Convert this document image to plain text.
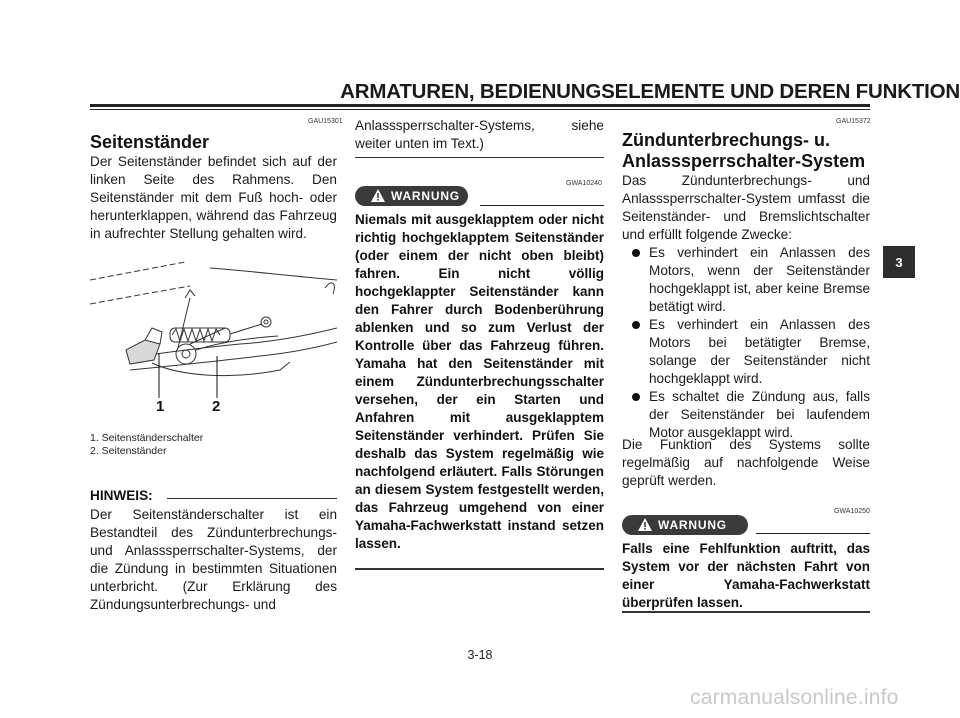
ARMATUREN, BEDIENUNGSELEMENTE UND DEREN FUNKTION
GAU15301
Seitenständer
Der Seitenständer befindet sich auf der linken Seite des Rahmens. Den Seitenständer mit dem Fuß hoch- oder herunterklappen, während das Fahrzeug in aufrechter Stellung gehalten wird.
1	2
1. Seitenständerschalter
2. Seitenständer
HINWEIS:
Der Seitenständerschalter ist ein Bestandteil des Zündunterbrechungs- und Anlasssperrschalter-Systems, der die Zündung in bestimmten Situationen unterbricht. (Zur Erklärung des Zündungsunterbrechungs- und
Anlasssperrschalter-Systems, siehe weiter unten im Text.)
GWA10240
WARNUNG
Niemals mit ausgeklapptem oder nicht richtig hochgeklapptem Seitenständer (oder einem der nicht oben bleibt) fahren. Ein nicht völlig hochgeklappter Seitenständer kann den Fahrer durch Bodenberührung ablenken und so zum Verlust der Kontrolle über das Fahrzeug führen. Yamaha hat den Seitenständer mit einem Zündunterbrechungsschalter versehen, der ein Starten und Anfahren mit ausgeklapptem Seitenständer verhindert. Prüfen Sie deshalb das System regelmäßig wie nachfolgend erläutert. Falls Störungen an diesem System festgestellt werden, das Fahrzeug umgehend von einer Yamaha-Fachwerkstatt instand setzen lassen.
GAU15372
Zündunterbrechungs- u. Anlasssperrschalter-System
Das Zündunterbrechungs- und Anlasssperrschalter-System umfasst die Seitenständer- und Bremslichtschalter und erfüllt folgende Zwecke:
Es verhindert ein Anlassen des Motors, wenn der Seitenständer hochgeklappt ist, aber keine Bremse betätigt wird.
Es verhindert ein Anlassen des Motors bei betätigter Bremse, solange der Seitenständer nicht hochgeklappt wird.
Es schaltet die Zündung aus, falls der Seitenständer bei laufendem Motor ausgeklappt wird.
Die Funktion des Systems sollte regelmäßig auf nachfolgende Weise geprüft werden.
GWA10250
WARNUNG
Falls eine Fehlfunktion auftritt, das System vor der nächsten Fahrt von einer Yamaha-Fachwerkstatt überprüfen lassen.
3-18
3
carmanualsonline.info
